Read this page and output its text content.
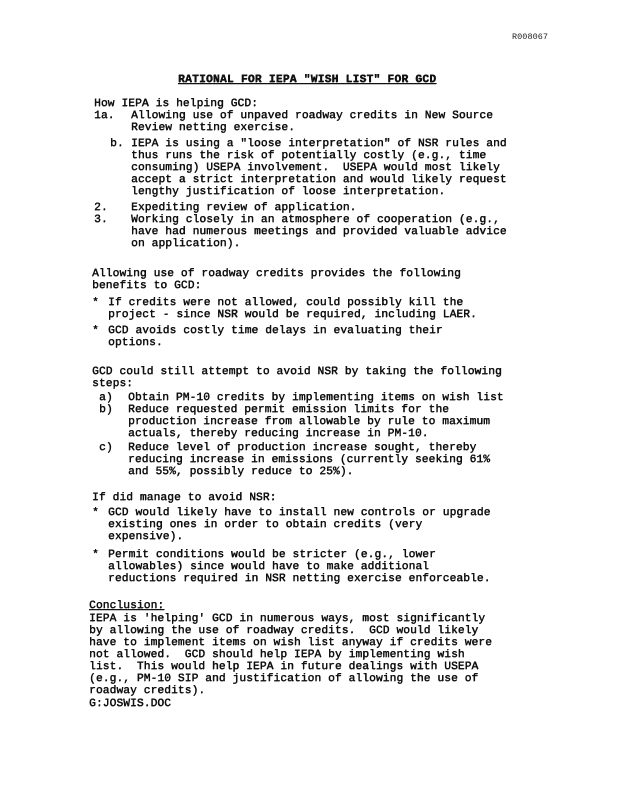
R008067
RATIONAL FOR IEPA "WISH LIST" FOR GCD
How IEPA is helping GCD:
1a. Allowing use of unpaved roadway credits in New Source
Review netting exercise.
b. IEPA is using a "loose interpretation" of NSR rules and
thus runs the risk of potentially costly (e.g., time
consuming) USEPA involvement.  USEPA would most likely
accept a strict interpretation and would likely request
lengthy justification of loose interpretation.
2. Expediting review of application.
3. Working closely in an atmosphere of cooperation (e.g.,
have had numerous meetings and provided valuable advice
on application).
Allowing use of roadway credits provides the following
benefits to GCD:
* If credits were not allowed, could possibly kill the
project - since NSR would be required, including LAER.
* GCD avoids costly time delays in evaluating their
options.
GCD could still attempt to avoid NSR by taking the following
steps:
a) Obtain PM-10 credits by implementing items on wish list
b) Reduce requested permit emission limits for the
production increase from allowable by rule to maximum
actuals, thereby reducing increase in PM-10.
c) Reduce level of production increase sought, thereby
reducing increase in emissions (currently seeking 61%
and 55%, possibly reduce to 25%).
If did manage to avoid NSR:
* GCD would likely have to install new controls or upgrade
existing ones in order to obtain credits (very
expensive).
* Permit conditions would be stricter (e.g., lower
allowables) since would have to make additional
reductions required in NSR netting exercise enforceable.
Conclusion:
IEPA is 'helping' GCD in numerous ways, most significantly
by allowing the use of roadway credits.  GCD would likely
have to implement items on wish list anyway if credits were
not allowed.  GCD should help IEPA by implementing wish
list.  This would help IEPA in future dealings with USEPA
(e.g., PM-10 SIP and justification of allowing the use of
roadway credits).
G:JOSWIS.DOC
